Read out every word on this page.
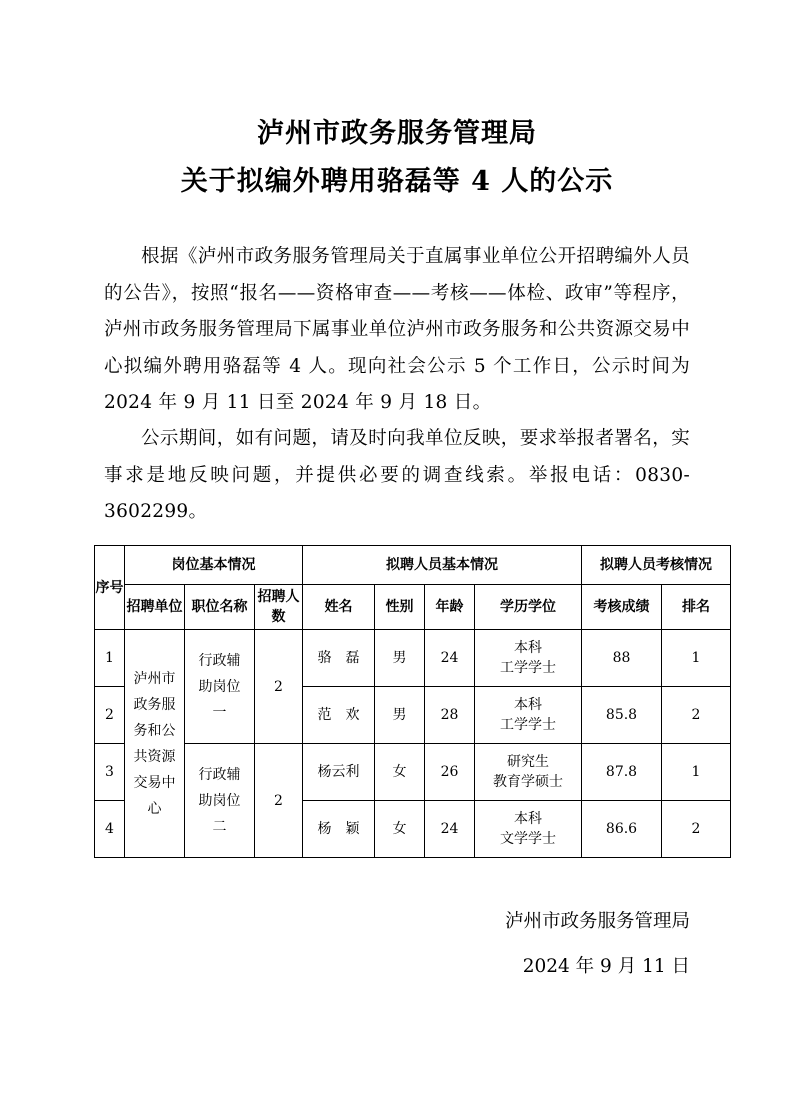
泸州市政务服务管理局
关于拟编外聘用骆磊等 4 人的公示
根据《泸州市政务服务管理局关于直属事业单位公开招聘编外人员的公告》，按照“报名——资格审查——考核——体检、政审”等程序，泸州市政务服务管理局下属事业单位泸州市政务服务和公共资源交易中心拟编外聘用骆磊等 4 人。现向社会公示 5 个工作日，公示时间为 2024 年 9 月 11 日至 2024 年 9 月 18 日。
公示期间，如有问题，请及时向我单位反映，要求举报者署名，实事求是地反映问题，并提供必要的调查线索。举报电话：0830-3602299。
序号	岗位基本情况			拟聘人员基本情况				拟聘人员考核情况	
	招聘单位	职位名称	招聘人数	姓名	性别	年龄	学历学位	考核成绩	排名
1	泸州市政务服务和公共资源交易中心	行政辅助岗位一	2	骆　磊	男	24	本科
工学学士	88	1
2				范　欢	男	28	本科
工学学士	85.8	2
3		行政辅助岗位二	2	杨云利	女	26	研究生
教育学硕士	87.8	1
4				杨　颖	女	24	本科
文学学士	86.6	2
泸州市政务服务管理局
2024 年 9 月 11 日
